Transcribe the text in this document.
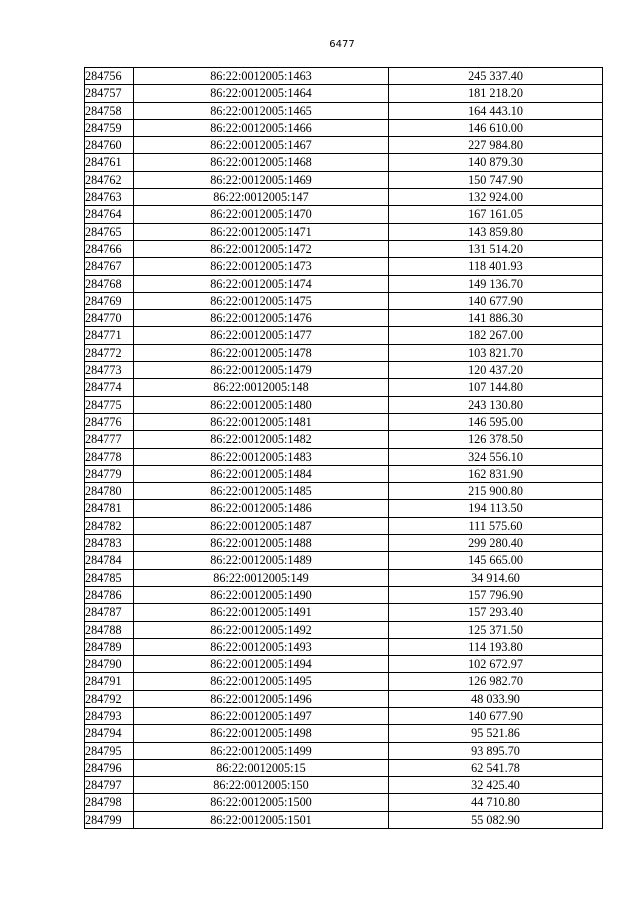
6477
284756	86:22:0012005:1463	245 337.40
284757	86:22:0012005:1464	181 218.20
284758	86:22:0012005:1465	164 443.10
284759	86:22:0012005:1466	146 610.00
284760	86:22:0012005:1467	227 984.80
284761	86:22:0012005:1468	140 879.30
284762	86:22:0012005:1469	150 747.90
284763	86:22:0012005:147	132 924.00
284764	86:22:0012005:1470	167 161.05
284765	86:22:0012005:1471	143 859.80
284766	86:22:0012005:1472	131 514.20
284767	86:22:0012005:1473	118 401.93
284768	86:22:0012005:1474	149 136.70
284769	86:22:0012005:1475	140 677.90
284770	86:22:0012005:1476	141 886.30
284771	86:22:0012005:1477	182 267.00
284772	86:22:0012005:1478	103 821.70
284773	86:22:0012005:1479	120 437.20
284774	86:22:0012005:148	107 144.80
284775	86:22:0012005:1480	243 130.80
284776	86:22:0012005:1481	146 595.00
284777	86:22:0012005:1482	126 378.50
284778	86:22:0012005:1483	324 556.10
284779	86:22:0012005:1484	162 831.90
284780	86:22:0012005:1485	215 900.80
284781	86:22:0012005:1486	194 113.50
284782	86:22:0012005:1487	111 575.60
284783	86:22:0012005:1488	299 280.40
284784	86:22:0012005:1489	145 665.00
284785	86:22:0012005:149	34 914.60
284786	86:22:0012005:1490	157 796.90
284787	86:22:0012005:1491	157 293.40
284788	86:22:0012005:1492	125 371.50
284789	86:22:0012005:1493	114 193.80
284790	86:22:0012005:1494	102 672.97
284791	86:22:0012005:1495	126 982.70
284792	86:22:0012005:1496	48 033.90
284793	86:22:0012005:1497	140 677.90
284794	86:22:0012005:1498	95 521.86
284795	86:22:0012005:1499	93 895.70
284796	86:22:0012005:15	62 541.78
284797	86:22:0012005:150	32 425.40
284798	86:22:0012005:1500	44 710.80
284799	86:22:0012005:1501	55 082.90
